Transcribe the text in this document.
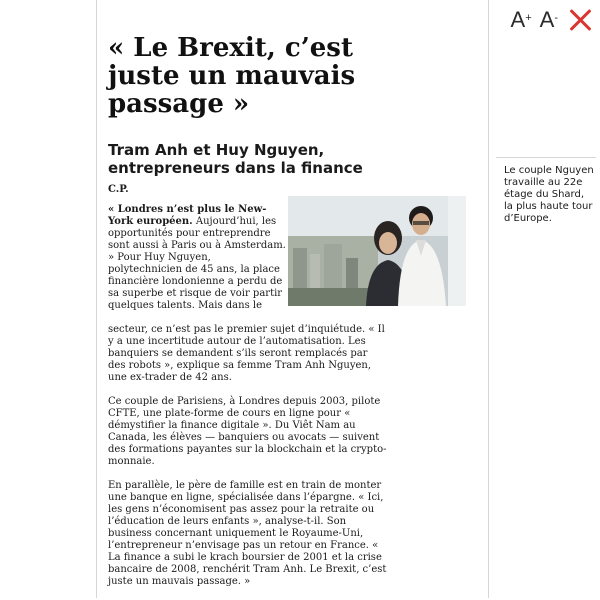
A+ A-
« Le Brexit, c’est juste un mauvais passage »
Tram Anh et Huy Nguyen, entrepreneurs dans la finance
C.P.
« Londres n’est plus le New-York européen. Aujourd’hui, les opportunités pour entreprendre sont aussi à Paris ou à Amsterdam. » Pour Huy Nguyen, polytechnicien de 45 ans, la place financière londonienne a perdu de sa superbe et risque de voir partir quelques talents. Mais dans le
Le couple Nguyen travaille au 22e étage du Shard, la plus haute tour d’Europe.

secteur, ce n’est pas le premier sujet d’inquiétude. « Il y a une incertitude autour de l’automatisation. Les banquiers se demandent s’ils seront remplacés par des robots », explique sa femme Tram Anh Nguyen, une ex-trader de 42 ans.

Ce couple de Parisiens, à Londres depuis 2003, pilote CFTE, une plate-forme de cours en ligne pour « démystifier la finance digitale ». Du Viêt Nam au Canada, les élèves — banquiers ou avocats — suivent des formations payantes sur la blockchain et la crypto-monnaie.

En parallèle, le père de famille est en train de monter une banque en ligne, spécialisée dans l’épargne. « Ici, les gens n’économisent pas assez pour la retraite ou l’éducation de leurs enfants », analyse-t-il. Son business concernant uniquement le Royaume-Uni, l’entrepreneur n’envisage pas un retour en France. « La finance a subi le krach boursier de 2001 et la crise bancaire de 2008, renchérit Tram Anh. Le Brexit, c’est juste un mauvais passage. »
